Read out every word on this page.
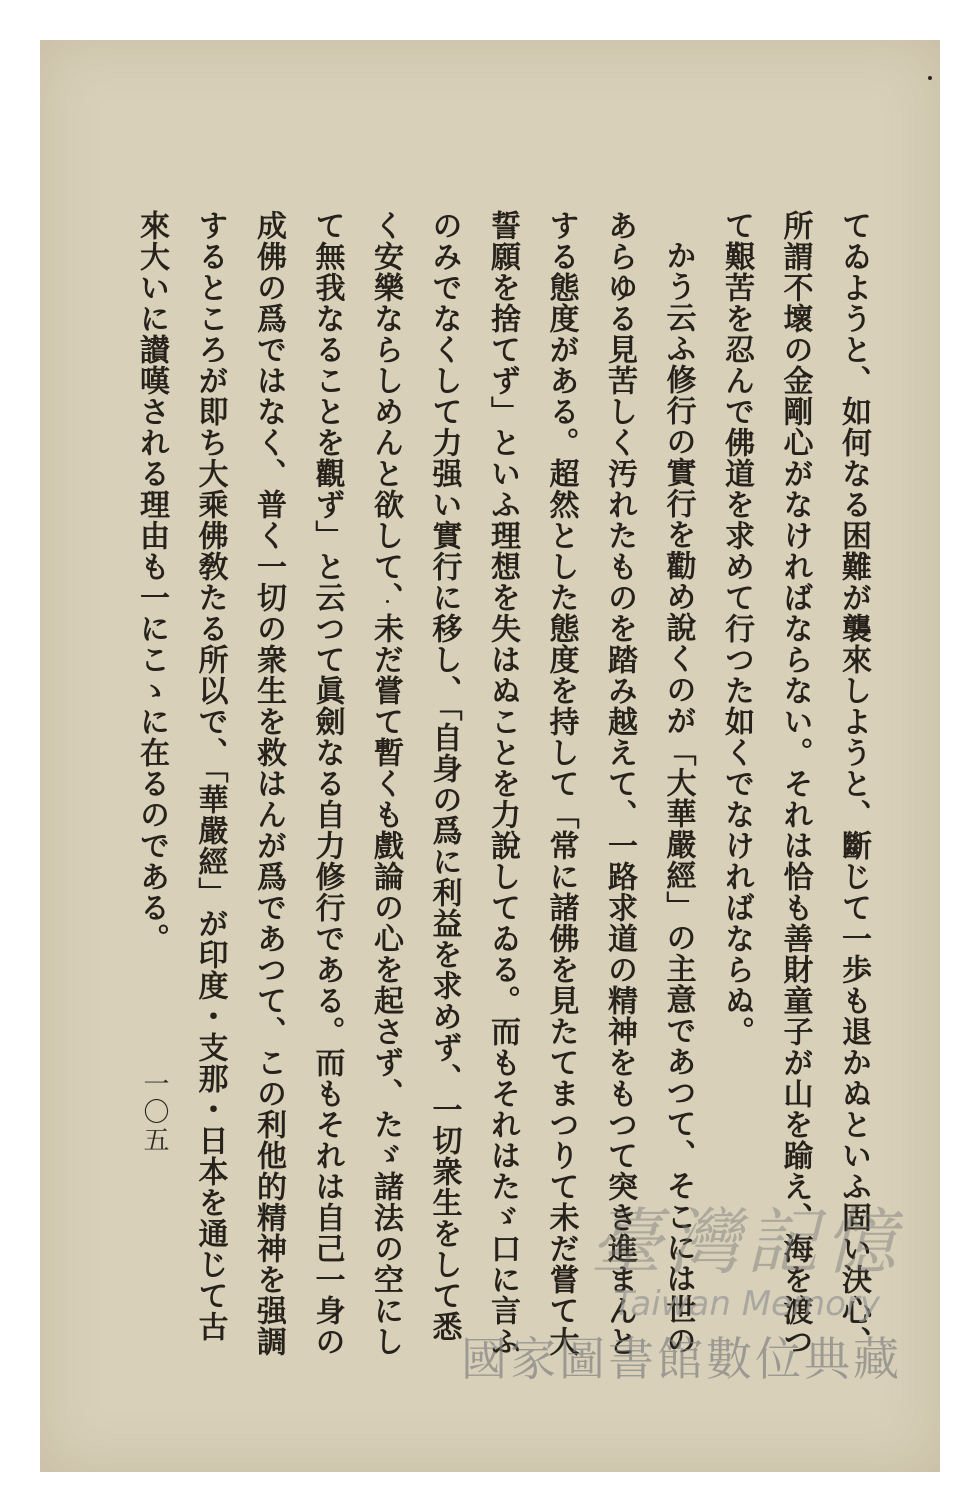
てゐようと、如何なる困難が襲來しようと、斷じて一歩も退かぬといふ固い決心、所謂不壞の金剛心がなければならない。それは恰も善財童子が山を踰え、海を渡つて艱苦を忍んで佛道を求めて行つた如くでなければならぬ。

かう云ふ修行の實行を勸め說くのが「大華嚴經」の主意であつて、そこには世のあらゆる見苦しく汚れたものを踏み越えて、一路求道の精神をもつて突き進まんとする態度がある。超然とした態度を持して「常に諸佛を見たてまつりて未だ嘗て大誓願を捨てず」といふ理想を失はぬことを力說してゐる。而もそれはたゞ口に言ふのみでなくして力强い實行に移し、「自身の爲に利益を求めず、一切衆生をして悉く安樂ならしめんと欲して、未だ嘗て暫くも戲論の心を起さず、たゞ諸法の空にして無我なることを觀ず」と云つて眞劍なる自力修行である。而もそれは自己一身の成佛の爲ではなく、普く一切の衆生を救はんが爲であつて、この利他的精神を强調するところが即ち大乘佛敎たる所以で、「華嚴經」が印度・支那・日本を通じて古來大いに讃嘆される理由も一にこゝに在るのである。

一〇五
臺灣記憶
Taiwan Memory
國家圖書館數位典藏
